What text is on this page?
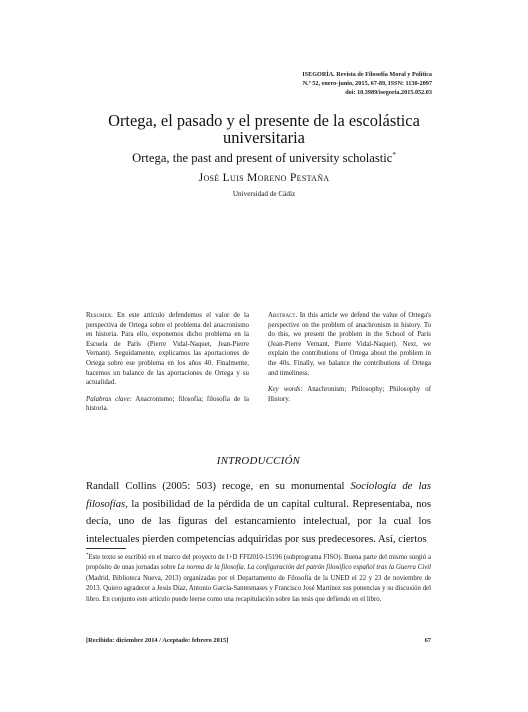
ISEGORÍA. Revista de Filosofía Moral y Política
N.º 52, enero-junio, 2015, 67-89, ISSN: 1130-2097
doi: 10.3989/isegoria.2015.052.03
Ortega, el pasado y el presente de la escolástica universitaria
Ortega, the past and present of university scholastic*
José Luis Moreno Pestaña
Universidad de Cádiz

Resumen. En este artículo defendemos el valor de la perspectiva de Ortega sobre el problema del anacronismo en historia. Para ello, exponemos dicho problema en la Escuela de París (Pierre Vidal-Naquet, Jean-Pierre Vernant). Seguidamente, explicamos las aportaciones de Ortega sobre ese problema en los años 40. Finalmente, hacemos un balance de las aportaciones de Ortega y su actualidad.

Palabras clave: Anacronismo; filosofía; filosofía de la historia.

Abstract. In this article we defend the value of Ortega's perspective on the problem of anachronism in history. To do this, we present the problem in the School of Paris (Jean-Pierre Vernant, Pierre Vidal-Naquet). Next, we explain the contributions of Ortega about the problem in the 40s. Finally, we balance the contributions of Ortega and timeliness.

Key words: Anachronism; Philosophy; Philosophy of History.

INTRODUCCIÓN

Randall Collins (2005: 503) recoge, en su monumental Sociología de las filosofías, la posibilidad de la pérdida de un capital cultural. Representaba, nos decía, uno de las figuras del estancamiento intelectual, por la cual los intelectuales pierden competencias adquiridas por sus predecesores. Así, ciertos

*Este texto se escribió en el marco del proyecto de I+D FFI2010-15196 (subprograma FISO). Buena parte del mismo surgió a propósito de unas jornadas sobre La norma de la filosofía. La configuración del patrón filosófico español tras la Guerra Civil (Madrid, Biblioteca Nueva, 2013) organizadas por el Departamento de Filosofía de la UNED el 22 y 23 de noviembre de 2013. Quiero agradecer a Jesús Díaz, Antonio García-Santesmases y Francisco José Martínez sus ponencias y su discusión del libro. En conjunto este artículo puede leerse como una recapitulación sobre las tesis que defiendo en el libro.

[Recibido: diciembre 2014 / Aceptado: febrero 2015]	67
